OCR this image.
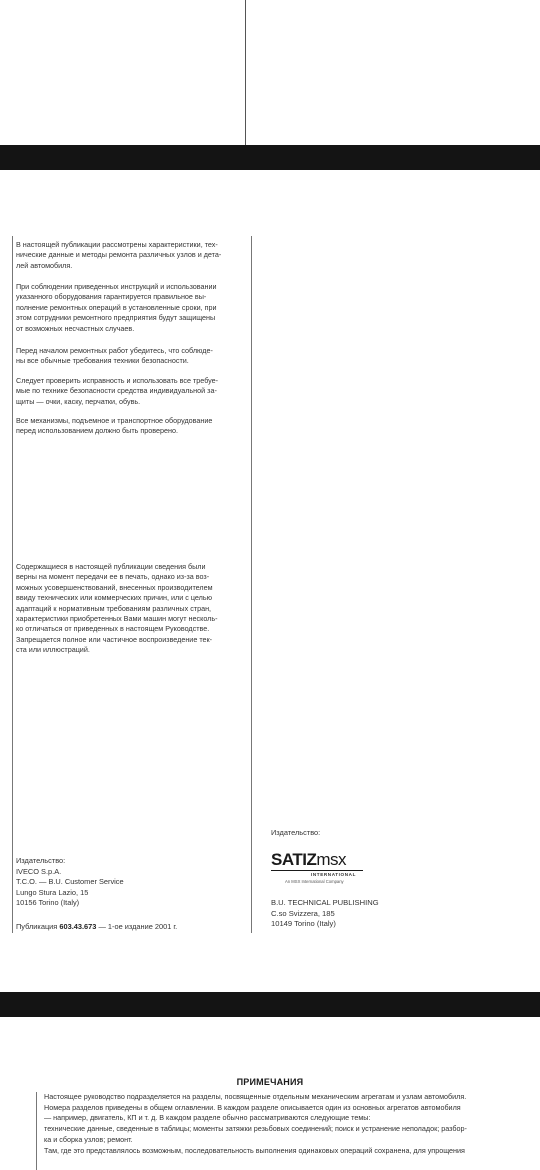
В настоящей публикации рассмотрены характеристики, тех-
нические данные и методы ремонта различных узлов и дета-
лей автомобиля.
При соблюдении приведенных инструкций и использовании
указанного оборудования гарантируется правильное вы-
полнение ремонтных операций в установленные сроки, при
этом сотрудники ремонтного предприятия будут защищены
от возможных несчастных случаев.
Перед началом ремонтных работ убедитесь, что соблюде-
ны все обычные требования техники безопасности.
Следует проверить исправность и использовать все требуе-
мые по технике безопасности средства индивидуальной за-
щиты — очки, каску, перчатки, обувь.
Все механизмы, подъемное и транспортное оборудование
перед использованием должно быть проверено.
Содержащиеся в настоящей публикации сведения были
верны на момент передачи ее в печать, однако из-за воз-
можных усовершенствований, внесенных производителем
ввиду технических или коммерческих причин, или с целью
адаптаций к нормативным требованиям различных стран,
характеристики приобретенных Вами машин могут несколь-
ко отличаться от приведенных в настоящем Руководстве.
Запрещается полное или частичное воспроизведение тек-
ста или иллюстраций.
Издательство:
IVECO S.p.A.
T.C.O. — B.U. Customer Service
Lungo Stura Lazio, 15
10156 Torino (Italy)
Публикация 603.43.673 — 1-ое издание 2001 г.
Издательство:
SATIZmsx
INTERNATIONAL
An MSX International Company
B.U. TECHNICAL PUBLISHING
C.so Svizzera, 185
10149 Torino (Italy)
ПРИМЕЧАНИЯ
Настоящее руководство подразделяется на разделы, посвященные отдельным механическим агрегатам и узлам автомобиля.
Номера разделов приведены в общем оглавлении. В каждом разделе описывается один из основных агрегатов автомобиля
— например, двигатель, КП и т. д. В каждом разделе обычно рассматриваются следующие темы:
технические данные, сведенные в таблицы; моменты затяжки резьбовых соединений; поиск и устранение неполадок; разбор-
ка и сборка узлов; ремонт.
Там, где это представлялось возможным, последовательность выполнения одинаковых операций сохранена, для упрощения
